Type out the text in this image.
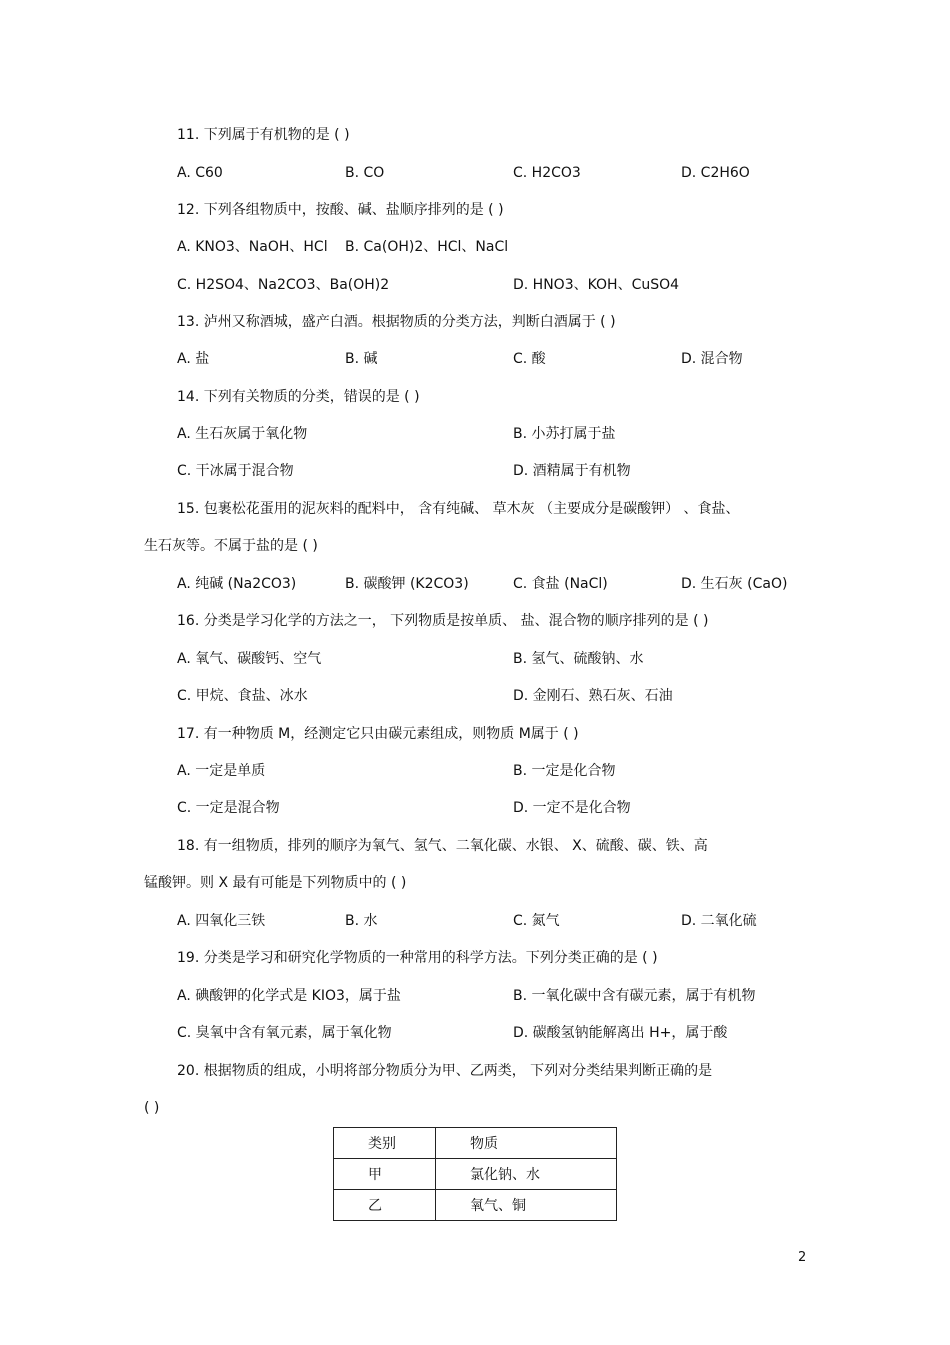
11. 下列属于有机物的是 ( )
A. C60	B. CO	C. H2CO3	D. C2H6O
12. 下列各组物质中，按酸、碱、盐顺序排列的是 ( )
A. KNO3、NaOH、HCl B. Ca(OH)2、HCl、NaCl
C. H2SO4、Na2CO3、Ba(OH)2	D. HNO3、KOH、CuSO4
13. 泸州又称酒城，盛产白酒。根据物质的分类方法，判断白酒属于 ( )
A. 盐	B. 碱	C. 酸	D. 混合物
14. 下列有关物质的分类，错误的是 ( )
A. 生石灰属于氧化物	B. 小苏打属于盐
C. 干冰属于混合物	D. 酒精属于有机物
15. 包裹松花蛋用的泥灰料的配料中， 含有纯碱、 草木灰 （主要成分是碳酸钾） 、食盐、
生石灰等。不属于盐的是 ( )
A. 纯碱 (Na2CO3)	B. 碳酸钾 (K2CO3)	C. 食盐 (NaCl)	D. 生石灰 (CaO)
16. 分类是学习化学的方法之一， 下列物质是按单质、 盐、混合物的顺序排列的是 ( )
A. 氧气、碳酸钙、空气	B. 氢气、硫酸钠、水
C. 甲烷、食盐、冰水	D. 金刚石、熟石灰、石油
17. 有一种物质 M，经测定它只由碳元素组成，则物质 M属于 ( )
A. 一定是单质	B. 一定是化合物
C. 一定是混合物	D. 一定不是化合物
18. 有一组物质，排列的顺序为氧气、氢气、二氧化碳、水银、 X、硫酸、碳、铁、高
锰酸钾。则 X 最有可能是下列物质中的 ( )
A. 四氧化三铁	B. 水	C. 氮气	D. 二氧化硫
19. 分类是学习和研究化学物质的一种常用的科学方法。下列分类正确的是 ( )
A. 碘酸钾的化学式是 KIO3，属于盐	B. 一氧化碳中含有碳元素，属于有机物
C. 臭氧中含有氧元素，属于氧化物	D. 碳酸氢钠能解离出 H+，属于酸
20. 根据物质的组成，小明将部分物质分为甲、乙两类， 下列对分类结果判断正确的是
( )
类别	物质
甲	氯化钠、水
乙	氧气、铜
2
